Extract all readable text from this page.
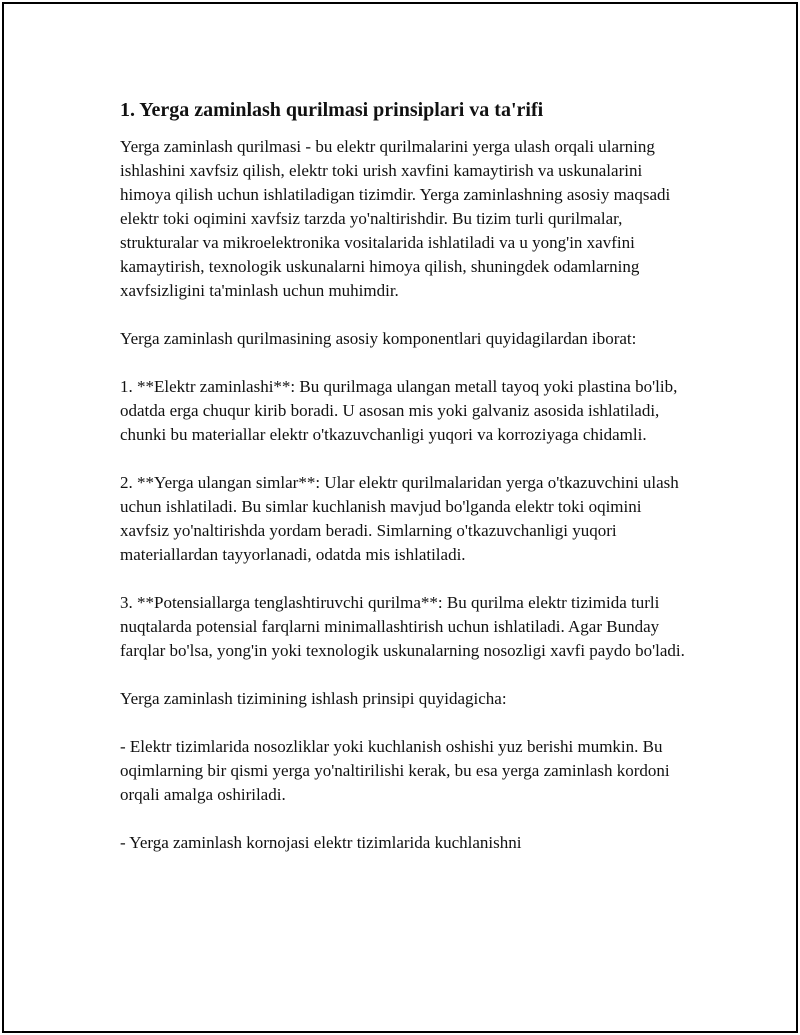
1. Yerga zaminlash qurilmasi prinsiplari va ta'rifi

Yerga zaminlash qurilmasi - bu elektr qurilmalarini yerga ulash orqali ularning ishlashini xavfsiz qilish, elektr toki urish xavfini kamaytirish va uskunalarini himoya qilish uchun ishlatiladigan tizimdir. Yerga zaminlashning asosiy maqsadi elektr toki oqimini xavfsiz tarzda yo'naltirishdir. Bu tizim turli qurilmalar, strukturalar va mikroelektronika vositalarida ishlatiladi va u yong'in xavfini kamaytirish, texnologik uskunalarni himoya qilish, shuningdek odamlarning xavfsizligini ta'minlash uchun muhimdir.

Yerga zaminlash qurilmasining asosiy komponentlari quyidagilardan iborat:

1. **Elektr zaminlashi**: Bu qurilmaga ulangan metall tayoq yoki plastina bo'lib, odatda erga chuqur kirib boradi. U asosan mis yoki galvaniz asosida ishlatiladi, chunki bu materiallar elektr o'tkazuvchanligi yuqori va korroziyaga chidamli.

2. **Yerga ulangan simlar**: Ular elektr qurilmalaridan yerga o'tkazuvchini ulash uchun ishlatiladi. Bu simlar kuchlanish mavjud bo'lganda elektr toki oqimini xavfsiz yo'naltirishda yordam beradi. Simlarning o'tkazuvchanligi yuqori materiallardan tayyorlanadi, odatda mis ishlatiladi.

3. **Potensiallarga tenglashtiruvchi qurilma**: Bu qurilma elektr tizimida turli nuqtalarda potensial farqlarni minimallashtirish uchun ishlatiladi. Agar Bunday farqlar bo'lsa, yong'in yoki texnologik uskunalarning nosozligi xavfi paydo bo'ladi.

Yerga zaminlash tizimining ishlash prinsipi quyidagicha:

- Elektr tizimlarida nosozliklar yoki kuchlanish oshishi yuz berishi mumkin. Bu oqimlarning bir qismi yerga yo'naltirilishi kerak, bu esa yerga zaminlash kordoni orqali amalga oshiriladi.

- Yerga zaminlash kornojasi elektr tizimlarida kuchlanishni
